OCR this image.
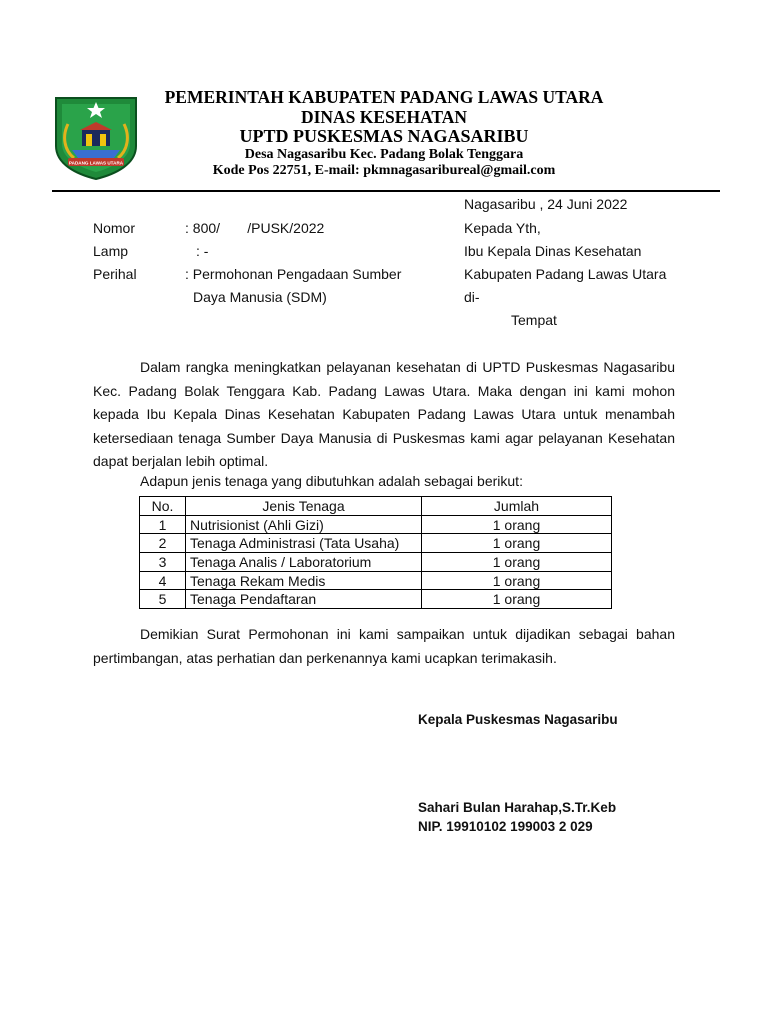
PADANG LAWAS UTARA
PEMERINTAH KABUPATEN PADANG LAWAS UTARA
DINAS KESEHATAN
UPTD PUSKESMAS NAGASARIBU
Desa Nagasaribu Kec. Padang Bolak Tenggara
Kode Pos 22751, E-mail: pkmnagasaribureal@gmail.com
Nagasaribu , 24 Juni 2022
Nomor	: 800/       /PUSK/2022
Lamp	: -
Perihal	: Permohonan Pengadaan Sumber
Daya Manusia (SDM)
Kepada Yth,
Ibu Kepala Dinas Kesehatan
Kabupaten Padang Lawas Utara
di-
Tempat

Dalam rangka meningkatkan pelayanan kesehatan di UPTD Puskesmas Nagasaribu Kec. Padang Bolak Tenggara Kab. Padang Lawas Utara. Maka dengan ini kami mohon kepada Ibu Kepala Dinas Kesehatan Kabupaten Padang Lawas Utara untuk menambah ketersediaan tenaga Sumber Daya Manusia di Puskesmas kami agar pelayanan Kesehatan dapat berjalan lebih optimal.

Adapun jenis tenaga yang dibutuhkan adalah sebagai berikut:
No.	Jenis Tenaga	Jumlah
1	Nutrisionist (Ahli Gizi)	1 orang
2	Tenaga Administrasi (Tata Usaha)	1 orang
3	Tenaga Analis / Laboratorium	1 orang
4	Tenaga Rekam Medis	1 orang
5	Tenaga Pendaftaran	1 orang

Demikian Surat Permohonan ini kami sampaikan untuk dijadikan sebagai bahan pertimbangan, atas perhatian dan perkenannya kami ucapkan terimakasih.

Kepala Puskesmas Nagasaribu
Sahari Bulan Harahap,S.Tr.Keb
NIP. 19910102 199003 2 029
